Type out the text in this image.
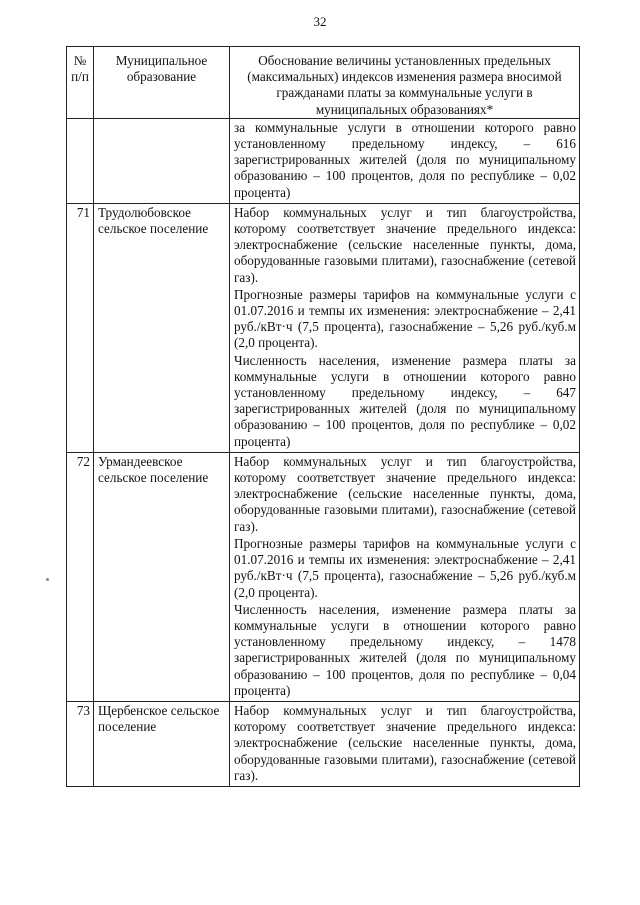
32
№ п/п	Муниципальное образование	Обоснование величины установленных предельных (максимальных) индексов изменения размера вносимой гражданами платы за коммунальные услуги в муниципальных образованиях*

		за коммунальные услуги в отношении которого равно установленному предельному индексу, – 616 зарегистрированных жителей (доля по муниципальному образованию – 100 процентов, доля по республике – 0,02 процента)

71	Трудолюбовское сельское поселение	Набор коммунальных услуг и тип благоустройства, которому соответствует значение предельного индекса: электроснабжение (сельские населенные пункты, дома, оборудованные газовыми плитами), газоснабжение (сетевой газ).

Прогнозные размеры тарифов на коммунальные услуги с 01.07.2016 и темпы их изменения: электроснабжение – 2,41 руб./кВт·ч (7,5 процента), газоснабжение – 5,26 руб./куб.м (2,0 процента).

Численность населения, изменение размера платы за коммунальные услуги в отношении которого равно установленному предельному индексу, – 647 зарегистрированных жителей (доля по муниципальному образованию – 100 процентов, доля по республике – 0,02 процента)

72	Урмандеевское сельское поселение	Набор коммунальных услуг и тип благоустройства, которому соответствует значение предельного индекса: электроснабжение (сельские населенные пункты, дома, оборудованные газовыми плитами), газоснабжение (сетевой газ).

Прогнозные размеры тарифов на коммунальные услуги с 01.07.2016 и темпы их изменения: электроснабжение – 2,41 руб./кВт·ч (7,5 процента), газоснабжение – 5,26 руб./куб.м (2,0 процента).

Численность населения, изменение размера платы за коммунальные услуги в отношении которого равно установленному предельному индексу, – 1478 зарегистрированных жителей (доля по муниципальному образованию – 100 процентов, доля по республике – 0,04 процента)

73	Щербенское сельское поселение	Набор коммунальных услуг и тип благоустройства, которому соответствует значение предельного индекса: электроснабжение (сельские населенные пункты, дома, оборудованные газовыми плитами), газоснабжение (сетевой газ).
